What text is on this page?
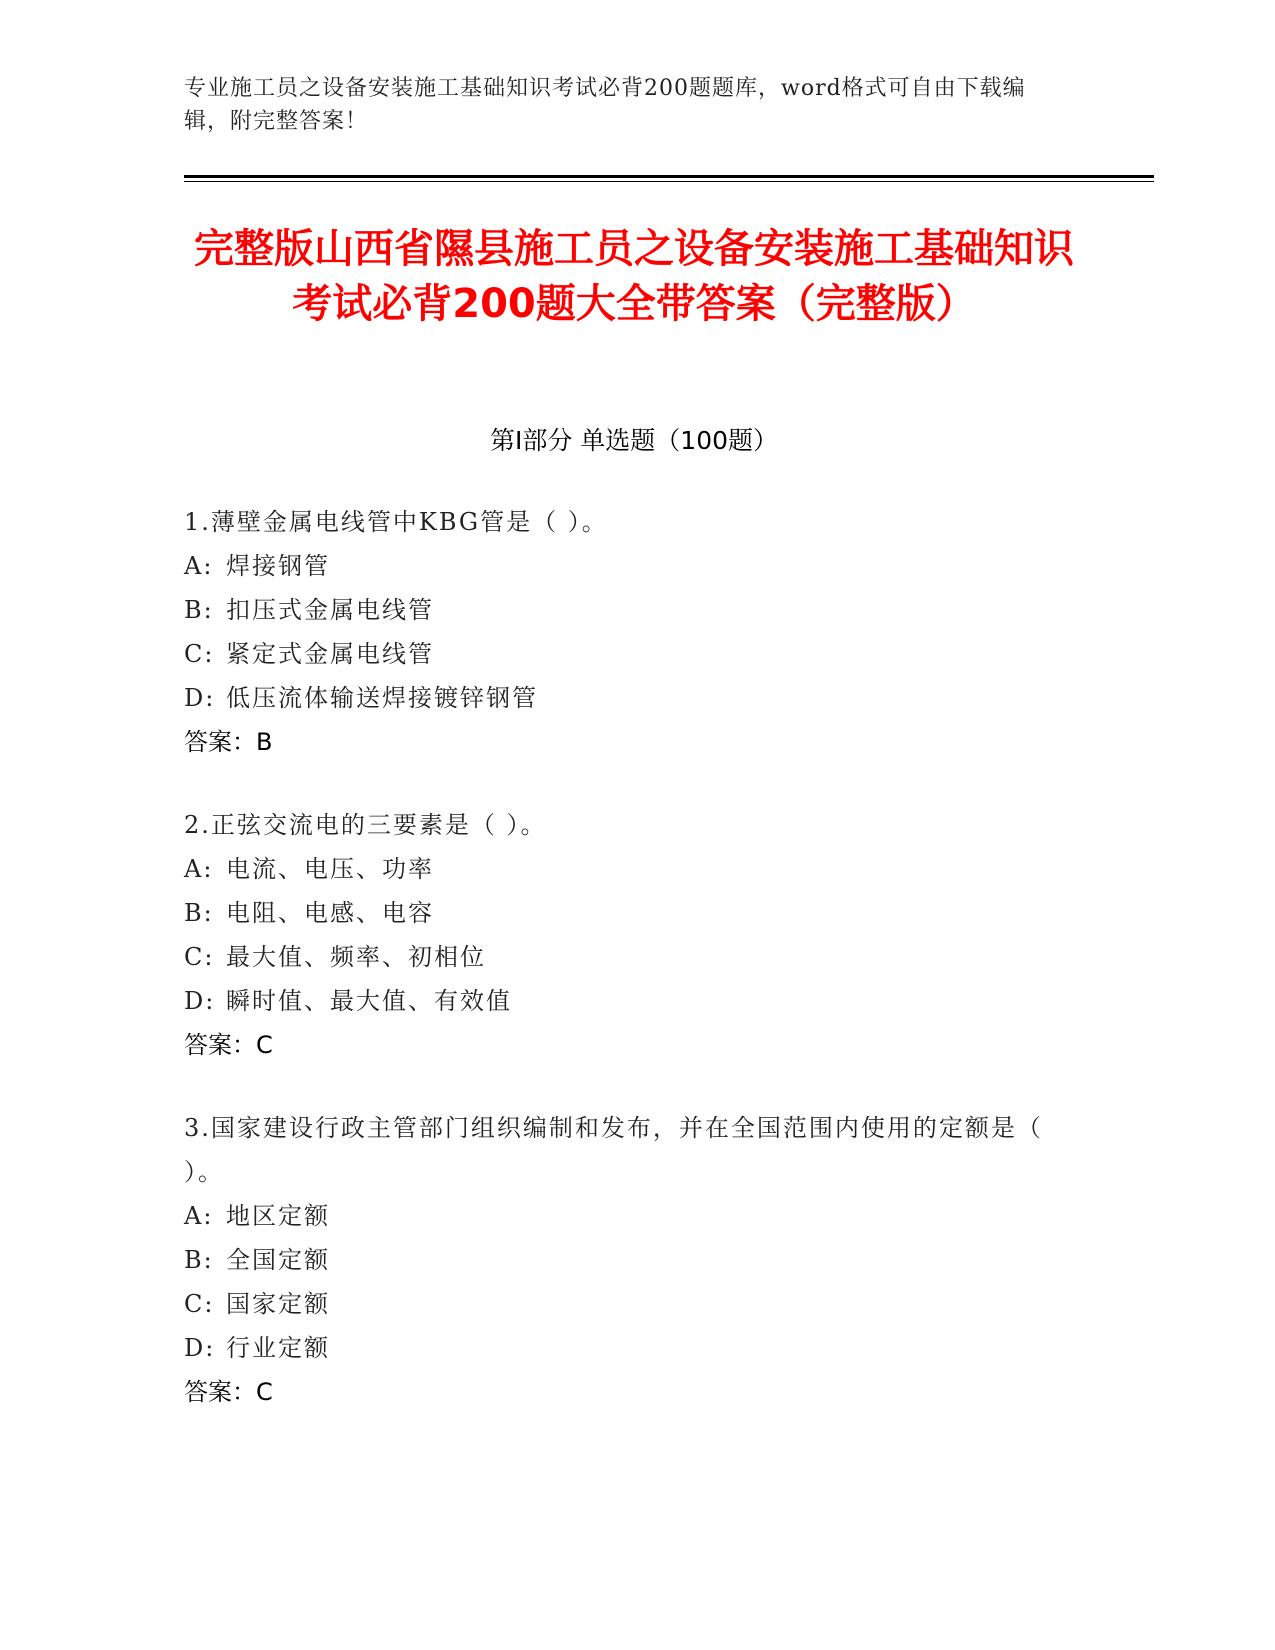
专业施工员之设备安装施工基础知识考试必背200题题库，word格式可自由下载编辑，附完整答案！
完整版山西省隰县施工员之设备安装施工基础知识考试必背200题大全带答案（完整版）
第I部分 单选题（100题）
1.薄壁金属电线管中KBG管是（ ）。
A: 焊接钢管
B: 扣压式金属电线管
C: 紧定式金属电线管
D: 低压流体输送焊接镀锌钢管
答案：B
2.正弦交流电的三要素是（ ）。
A: 电流、电压、功率
B: 电阻、电感、电容
C: 最大值、频率、初相位
D: 瞬时值、最大值、有效值
答案：C
3.国家建设行政主管部门组织编制和发布，并在全国范围内使用的定额是（ ）。
A: 地区定额
B: 全国定额
C: 国家定额
D: 行业定额
答案：C
